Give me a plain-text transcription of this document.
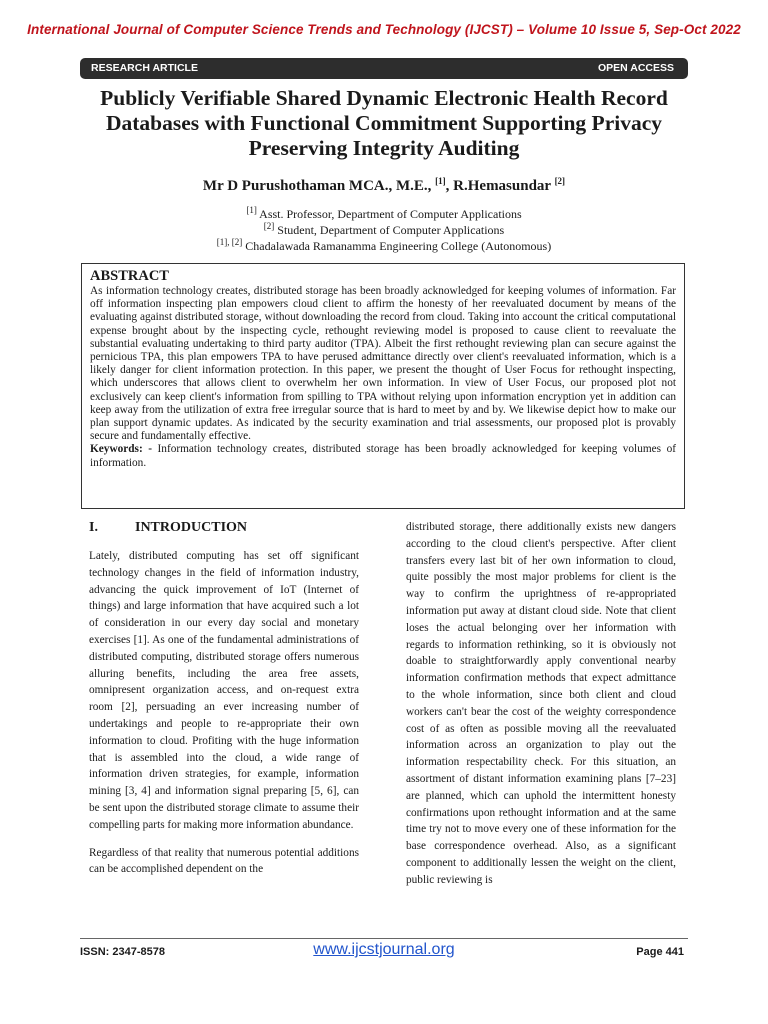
International Journal of Computer Science Trends and Technology (IJCST) – Volume 10 Issue 5, Sep-Oct 2022
RESEARCH ARTICLE	OPEN ACCESS
Publicly Verifiable Shared Dynamic Electronic Health Record Databases with Functional Commitment Supporting Privacy Preserving Integrity Auditing
Mr D Purushothaman MCA., M.E., [1], R.Hemasundar [2]
[1] Asst. Professor, Department of Computer Applications
[2] Student, Department of Computer Applications
[1], [2] Chadalawada Ramanamma Engineering College (Autonomous)
ABSTRACT

As information technology creates, distributed storage has been broadly acknowledged for keeping volumes of information. Far off information inspecting plan empowers cloud client to affirm the honesty of her reevaluated document by means of the evaluating against distributed storage, without downloading the record from cloud. Taking into account the critical computational expense brought about by the inspecting cycle, rethought reviewing model is proposed to cause client to reevaluate the substantial evaluating undertaking to third party auditor (TPA). Albeit the first rethought reviewing plan can secure against the pernicious TPA, this plan empowers TPA to have perused admittance directly over client's reevaluated information, which is a likely danger for client information protection. In this paper, we present the thought of User Focus for rethought inspecting, which underscores that allows client to overwhelm her own information. In view of User Focus, our proposed plot not exclusively can keep client's information from spilling to TPA without relying upon information encryption yet in addition can keep away from the utilization of extra free irregular source that is hard to meet by and by. We likewise depict how to make our plan support dynamic updates. As indicated by the security examination and trial assessments, our proposed plot is provably secure and fundamentally effective.

Keywords: - Information technology creates, distributed storage has been broadly acknowledged for keeping volumes of information.

I.	INTRODUCTION

Lately, distributed computing has set off significant technology changes in the field of information industry, advancing the quick improvement of IoT (Internet of things) and large information that have acquired such a lot of consideration in our every day social and monetary exercises [1]. As one of the fundamental administrations of distributed computing, distributed storage offers numerous alluring benefits, including the area free assets, omnipresent organization access, and on-request extra room [2], persuading an ever increasing number of undertakings and people to re-appropriate their own information to cloud. Profiting with the huge information that is assembled into the cloud, a wide range of information driven strategies, for example, information mining [3, 4] and information signal preparing [5, 6], can be sent upon the distributed storage climate to assume their compelling parts for making more information abundance.

Regardless of that reality that numerous potential additions can be accomplished dependent on the

distributed storage, there additionally exists new dangers according to the cloud client's perspective. After client transfers every last bit of her own information to cloud, quite possibly the most major problems for client is the way to confirm the uprightness of re-appropriated information put away at distant cloud side. Note that client loses the actual belonging over her information with regards to information rethinking, so it is obviously not doable to straightforwardly apply conventional nearby information confirmation methods that expect admittance to the whole information, since both client and cloud workers can't bear the cost of the weighty correspondence cost of as often as possible moving all the reevaluated information across an organization to play out the information respectability check. For this situation, an assortment of distant information examining plans [7–23] are planned, which can uphold the intermittent honesty confirmations upon rethought information and at the same time try not to move every one of these information for the base correspondence overhead. Also, as a significant component to additionally lessen the weight on the client, public reviewing is

ISSN: 2347-8578	www.ijcstjournal.org	Page 441
